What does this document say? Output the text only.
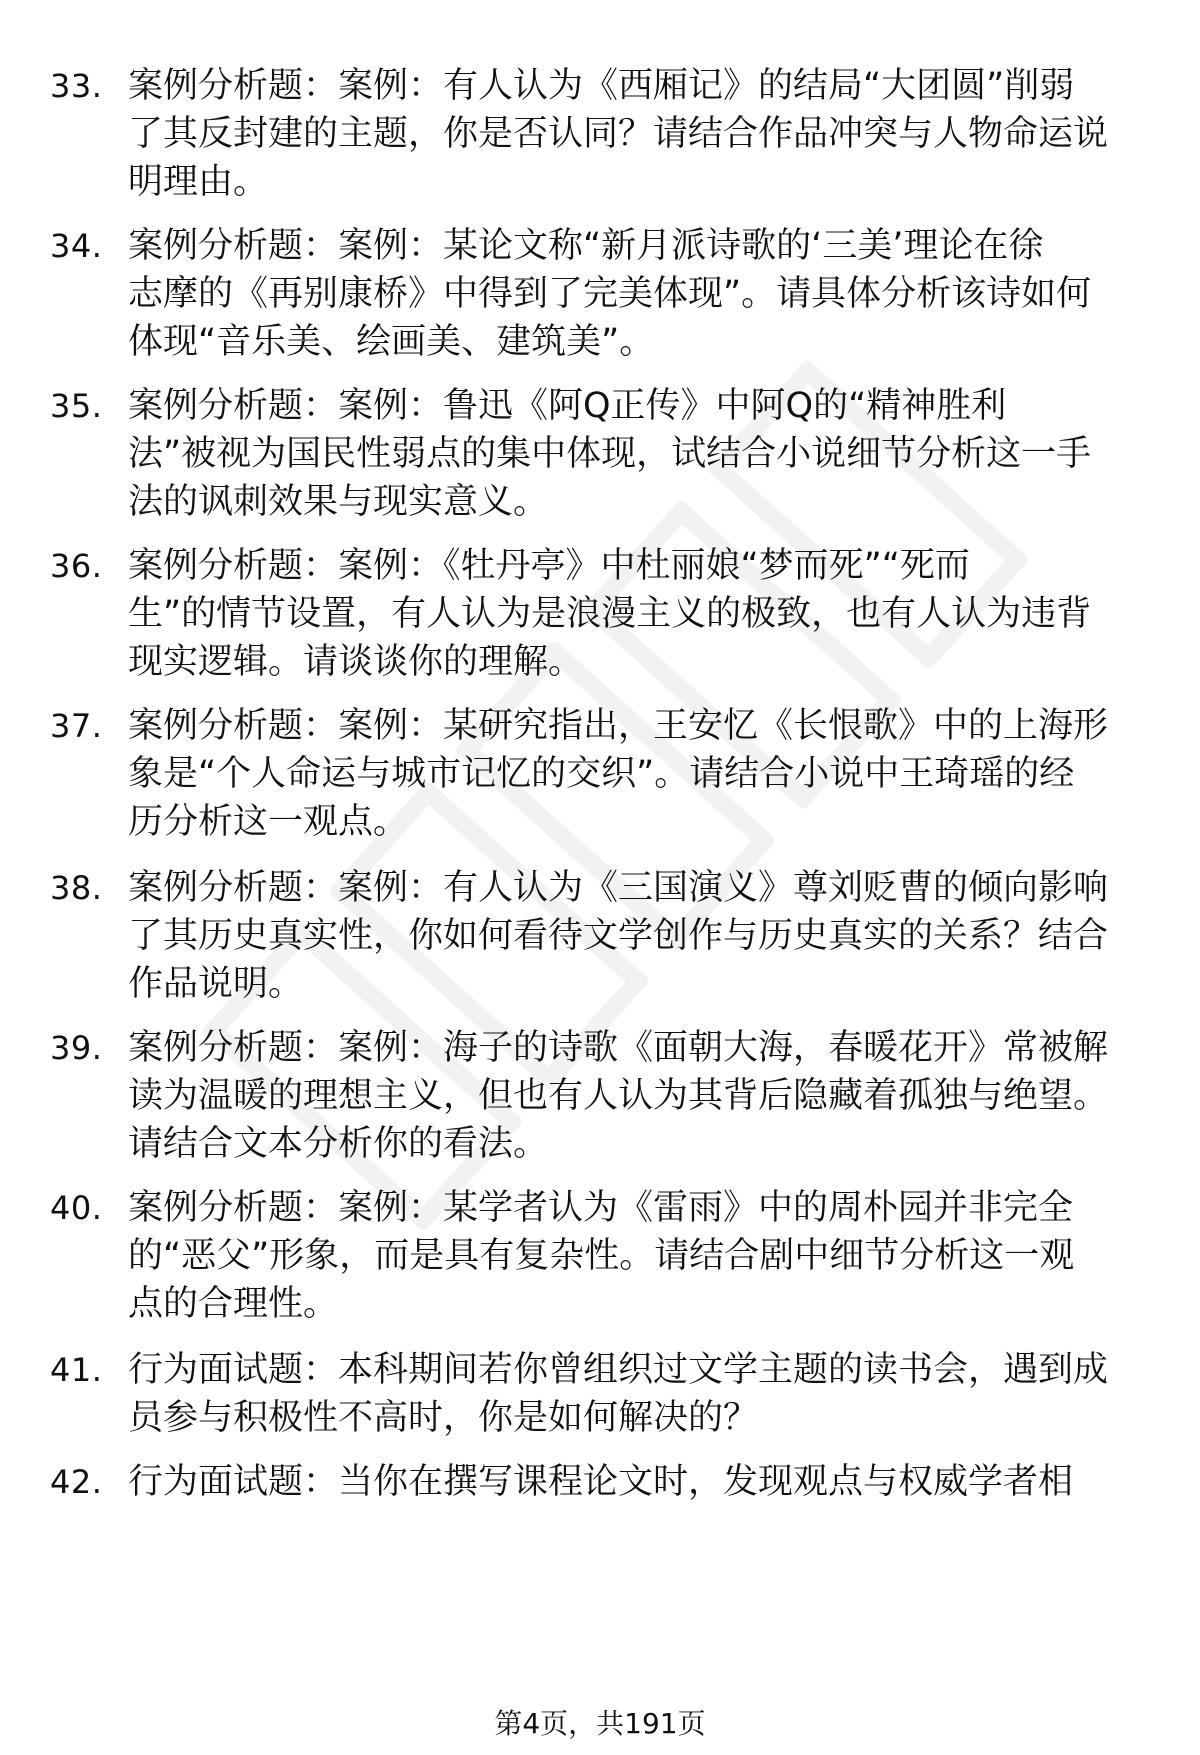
33. 案例分析题：案例：有人认为《西厢记》的结局“大团圆”削弱
了其反封建的主题，你是否认同？请结合作品冲突与人物命运说
明理由。
34. 案例分析题：案例：某论文称“新月派诗歌的‘三美’理论在徐
志摩的《再别康桥》中得到了完美体现”。请具体分析该诗如何
体现“音乐美、绘画美、建筑美”。
35. 案例分析题：案例：鲁迅《阿Q正传》中阿Q的“精神胜利
法”被视为国民性弱点的集中体现，试结合小说细节分析这一手
法的讽刺效果与现实意义。
36. 案例分析题：案例：《牡丹亭》中杜丽娘“梦而死”“死而
生”的情节设置，有人认为是浪漫主义的极致，也有人认为违背
现实逻辑。请谈谈你的理解。
37. 案例分析题：案例：某研究指出，王安忆《长恨歌》中的上海形
象是“个人命运与城市记忆的交织”。请结合小说中王琦瑶的经
历分析这一观点。
38. 案例分析题：案例：有人认为《三国演义》尊刘贬曹的倾向影响
了其历史真实性，你如何看待文学创作与历史真实的关系？结合
作品说明。
39. 案例分析题：案例：海子的诗歌《面朝大海，春暖花开》常被解
读为温暖的理想主义，但也有人认为其背后隐藏着孤独与绝望。
请结合文本分析你的看法。
40. 案例分析题：案例：某学者认为《雷雨》中的周朴园并非完全
的“恶父”形象，而是具有复杂性。请结合剧中细节分析这一观
点的合理性。
41. 行为面试题：本科期间若你曾组织过文学主题的读书会，遇到成
员参与积极性不高时，你是如何解决的？
42. 行为面试题：当你在撰写课程论文时，发现观点与权威学者相
第4页，共191页
